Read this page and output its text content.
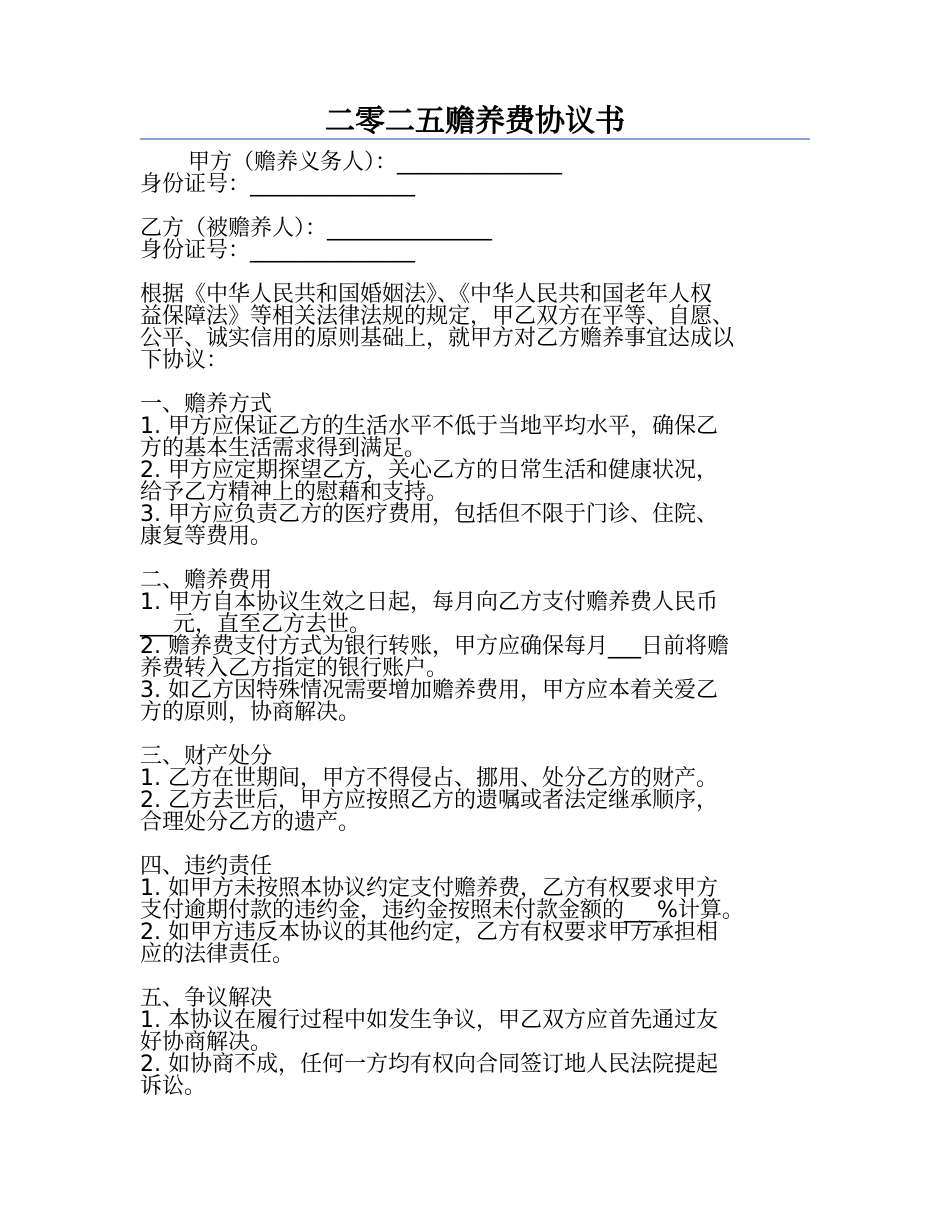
二零二五赡养费协议书
甲方（赡养义务人）：_______________
身份证号：_______________
乙方（被赡养人）：_______________
身份证号：_______________
根据《中华人民共和国婚姻法》、《中华人民共和国老年人权
益保障法》等相关法律法规的规定，甲乙双方在平等、自愿、
公平、诚实信用的原则基础上，就甲方对乙方赡养事宜达成以
下协议：
一、赡养方式
1. 甲方应保证乙方的生活水平不低于当地平均水平，确保乙
方的基本生活需求得到满足。
2. 甲方应定期探望乙方，关心乙方的日常生活和健康状况，
给予乙方精神上的慰藉和支持。
3. 甲方应负责乙方的医疗费用，包括但不限于门诊、住院、
康复等费用。
二、赡养费用
1. 甲方自本协议生效之日起，每月向乙方支付赡养费人民币
___元，直至乙方去世。
2. 赡养费支付方式为银行转账，甲方应确保每月___日前将赡
养费转入乙方指定的银行账户。
3. 如乙方因特殊情况需要增加赡养费用，甲方应本着关爱乙
方的原则，协商解决。
三、财产处分
1. 乙方在世期间，甲方不得侵占、挪用、处分乙方的财产。
2. 乙方去世后，甲方应按照乙方的遗嘱或者法定继承顺序，
合理处分乙方的遗产。
四、违约责任
1. 如甲方未按照本协议约定支付赡养费，乙方有权要求甲方
支付逾期付款的违约金，违约金按照未付款金额的___%计算。
2. 如甲方违反本协议的其他约定，乙方有权要求甲方承担相
应的法律责任。
五、争议解决
1. 本协议在履行过程中如发生争议，甲乙双方应首先通过友
好协商解决。
2. 如协商不成，任何一方均有权向合同签订地人民法院提起
诉讼。
